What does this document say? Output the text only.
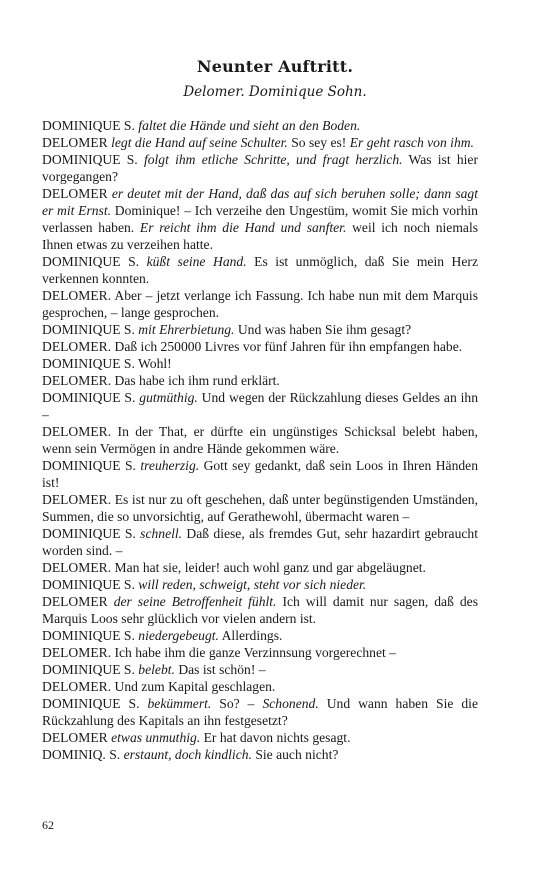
Neunter Auftritt.
Delomer. Dominique Sohn.

DOMINIQUE S. faltet die Hände und sieht an den Boden.

DELOMER legt die Hand auf seine Schulter. So sey es! Er geht rasch von ihm.

DOMINIQUE S. folgt ihm etliche Schritte, und fragt herzlich. Was ist hier vorgegangen?

DELOMER er deutet mit der Hand, daß das auf sich beruhen solle; dann sagt er mit Ernst. Dominique! – Ich verzeihe den Ungestüm, womit Sie mich vorhin verlassen haben. Er reicht ihm die Hand und sanfter. weil ich noch niemals Ihnen etwas zu verzeihen hatte.

DOMINIQUE S. küßt seine Hand. Es ist unmöglich, daß Sie mein Herz verkennen konnten.

DELOMER. Aber – jetzt verlange ich Fassung. Ich habe nun mit dem Marquis gesprochen, – lange gesprochen.

DOMINIQUE S. mit Ehrerbietung. Und was haben Sie ihm gesagt?

DELOMER. Daß ich 250000 Livres vor fünf Jahren für ihn empfangen habe.

DOMINIQUE S. Wohl!

DELOMER. Das habe ich ihm rund erklärt.

DOMINIQUE S. gutmüthig. Und wegen der Rückzahlung dieses Geldes an ihn –

DELOMER. In der That, er dürfte ein ungünstiges Schicksal belebt haben, wenn sein Vermögen in andre Hände gekommen wäre.

DOMINIQUE S. treuherzig. Gott sey gedankt, daß sein Loos in Ihren Händen ist!

DELOMER. Es ist nur zu oft geschehen, daß unter begünstigenden Umständen, Summen, die so unvorsichtig, auf Gerathewohl, übermacht waren –

DOMINIQUE S. schnell. Daß diese, als fremdes Gut, sehr hazardirt gebraucht worden sind. –

DELOMER. Man hat sie, leider! auch wohl ganz und gar abgeläugnet.

DOMINIQUE S. will reden, schweigt, steht vor sich nieder.

DELOMER der seine Betroffenheit fühlt. Ich will damit nur sagen, daß des Marquis Loos sehr glücklich vor vielen andern ist.

DOMINIQUE S. niedergebeugt. Allerdings.

DELOMER. Ich habe ihm die ganze Verzinnsung vorgerechnet –

DOMINIQUE S. belebt. Das ist schön! –

DELOMER. Und zum Kapital geschlagen.

DOMINIQUE S. bekümmert. So? – Schonend. Und wann haben Sie die Rückzahlung des Kapitals an ihn festgesetzt?

DELOMER etwas unmuthig. Er hat davon nichts gesagt.

DOMINIQ. S. erstaunt, doch kindlich. Sie auch nicht?

62
